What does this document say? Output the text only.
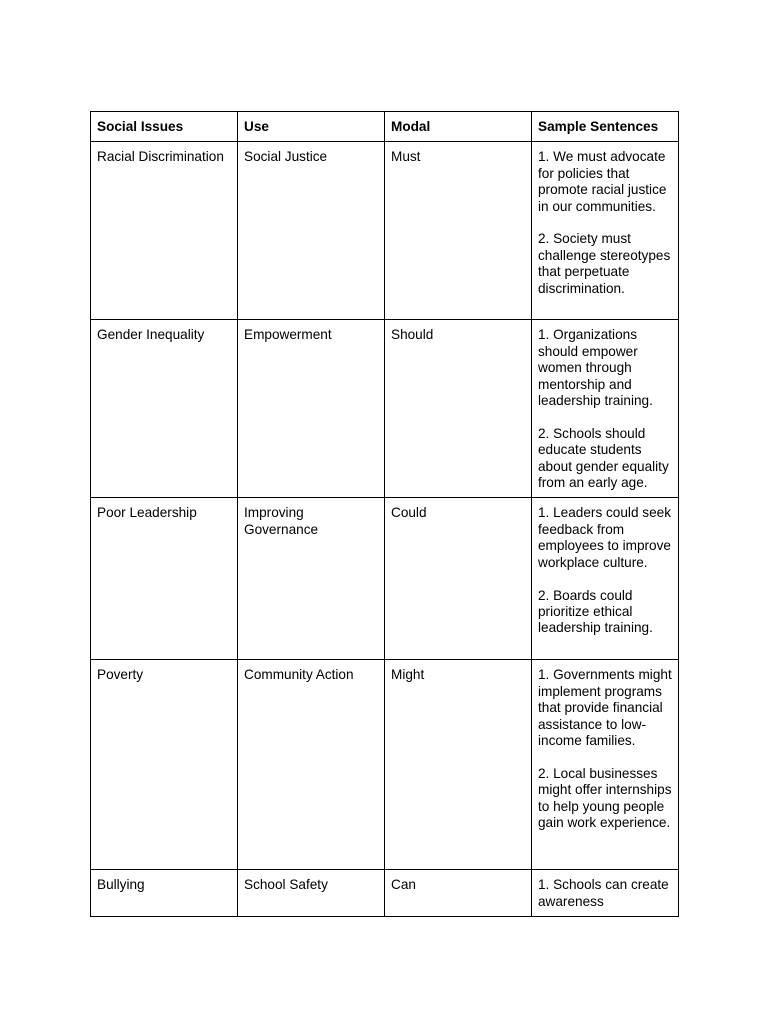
Social Issues	Use	Modal	Sample Sentences
Racial Discrimination	Social Justice	Must	1. We must advocate for policies that promote racial justice in our communities.

2. Society must challenge stereotypes that perpetuate discrimination.
Gender Inequality	Empowerment	Should	1. Organizations should empower women through mentorship and leadership training.

2. Schools should educate students about gender equality from an early age.
Poor Leadership	Improving Governance	Could	1. Leaders could seek feedback from employees to improve workplace culture.

2. Boards could prioritize ethical leadership training.
Poverty	Community Action	Might	1. Governments might implement programs that provide financial assistance to low-income families.

2. Local businesses might offer internships to help young people gain work experience.
Bullying	School Safety	Can	1. Schools can create awareness
